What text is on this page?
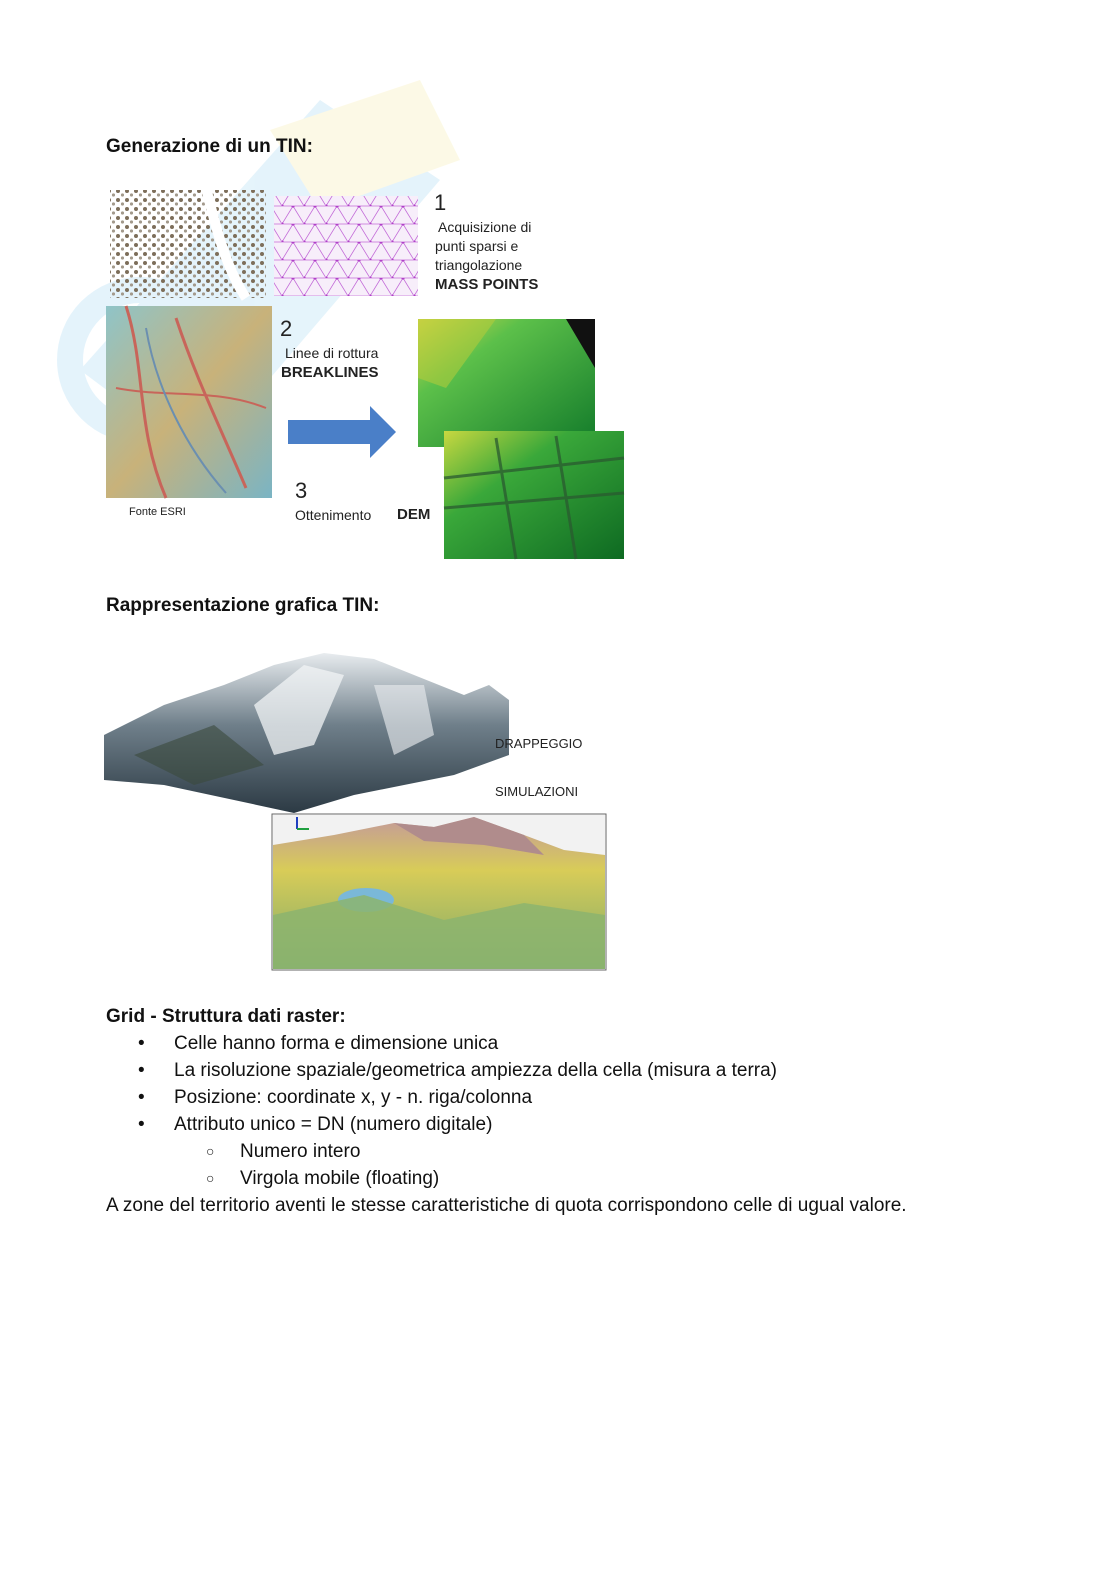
Generazione di un TIN:
1
Acquisizione di
punti sparsi e
triangolazione
MASS POINTS
2
Linee di rottura
BREAKLINES
3
Ottenimento DEM
Fonte ESRI
Rappresentazione grafica TIN:
DRAPPEGGIO
SIMULAZIONI
Grid - Struttura dati raster:
• Celle hanno forma e dimensione unica
• La risoluzione spaziale/geometrica ampiezza della cella (misura a terra)
• Posizione: coordinate x, y - n. riga/colonna
• Attributo unico = DN (numero digitale)
○ Numero intero
○ Virgola mobile (floating)
A zone del territorio aventi le stesse caratteristiche di quota corrispondono celle di ugual valore.
